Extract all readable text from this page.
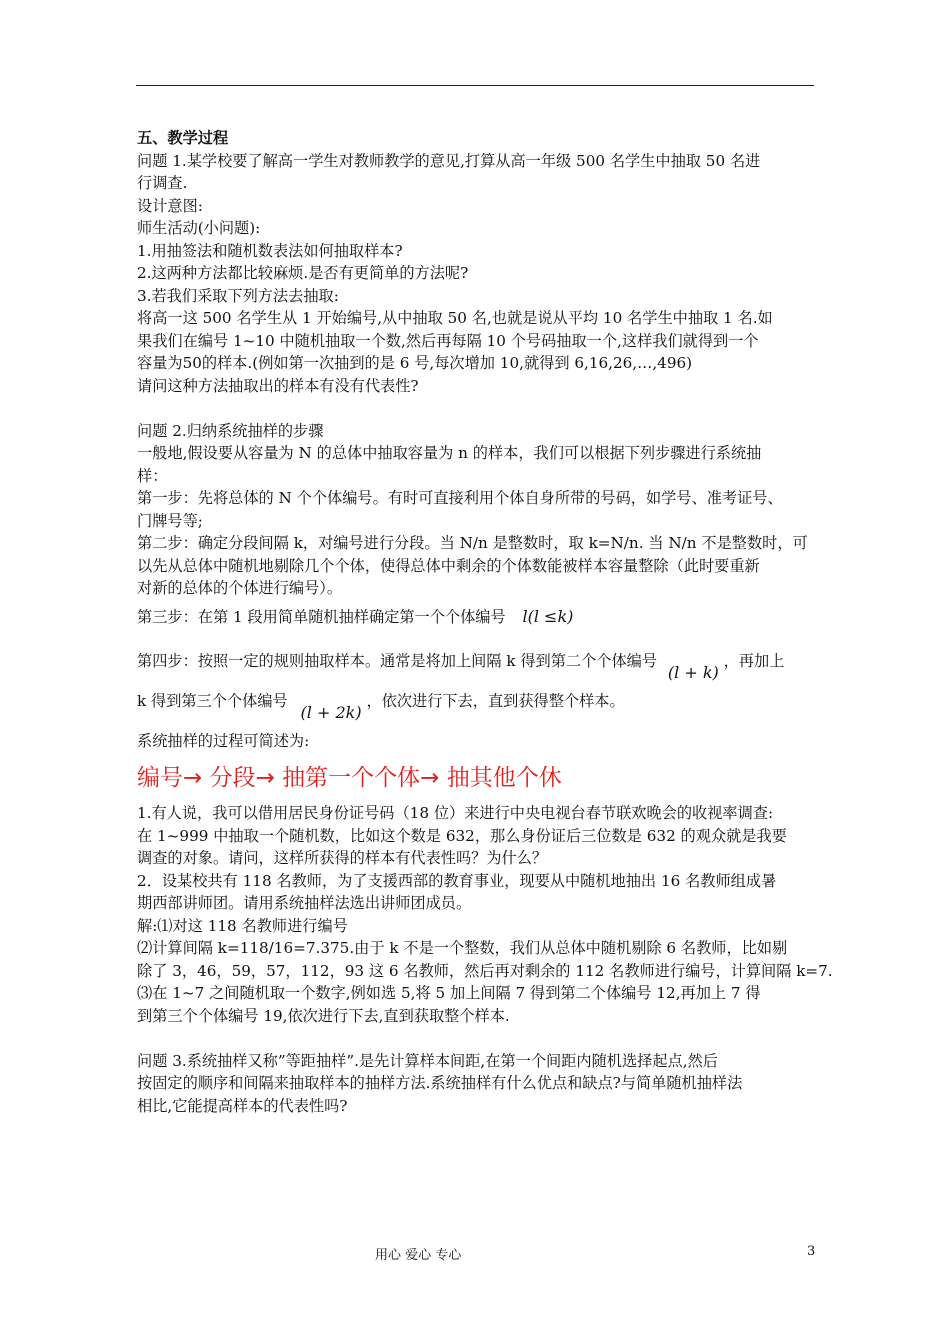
五、教学过程
问题 1.某学校要了解高一学生对教师教学的意见,打算从高一年级 500 名学生中抽取 50 名进
行调查.
设计意图:
师生活动(小问题):
1.用抽签法和随机数表法如何抽取样本?
2.这两种方法都比较麻烦.是否有更简单的方法呢?
3.若我们采取下列方法去抽取:
将高一这 500 名学生从 1 开始编号,从中抽取 50 名,也就是说从平均 10 名学生中抽取 1 名.如
果我们在编号 1~10 中随机抽取一个数,然后再每隔 10 个号码抽取一个,这样我们就得到一个
容量为50的样本.(例如第一次抽到的是 6 号,每次增加 10,就得到 6,16,26,…,496)
请问这种方法抽取出的样本有没有代表性?
问题 2.归纳系统抽样的步骤
一般地,假设要从容量为 N 的总体中抽取容量为 n 的样本，我们可以根据下列步骤进行系统抽
样：
第一步：先将总体的 N 个个体编号。有时可直接利用个体自身所带的号码，如学号、准考证号、
门牌号等;
第二步：确定分段间隔 k，对编号进行分段。当 N/n 是整数时，取 k=N/n. 当 N/n 不是整数时，可
以先从总体中随机地剔除几个个体，使得总体中剩余的个体数能被样本容量整除（此时要重新
对新的总体的个体进行编号）。
第三步：在第 1 段用简单随机抽样确定第一个个体编号 l(l ≤k)
第四步：按照一定的规则抽取样本。通常是将加上间隔 k 得到第二个个体编号 (l + k) ，再加上
k 得到第三个个体编号 (l + 2k) ，依次进行下去，直到获得整个样本。
系统抽样的过程可简述为:
编号→ 分段→ 抽第一个个体→ 抽其他个休
1.有人说，我可以借用居民身份证号码（18 位）来进行中央电视台春节联欢晚会的收视率调查:
在 1~999 中抽取一个随机数，比如这个数是 632，那么身份证后三位数是 632 的观众就是我要
调查的对象。请问，这样所获得的样本有代表性吗？为什么？
2．设某校共有 118 名教师，为了支援西部的教育事业，现要从中随机地抽出 16 名教师组成暑
期西部讲师团。请用系统抽样法选出讲师团成员。
解:⑴对这 118 名教师进行编号
⑵计算间隔 k=118/16=7.375.由于 k 不是一个整数，我们从总体中随机剔除 6 名教师，比如剔
除了 3，46，59，57，112，93 这 6 名教师，然后再对剩余的 112 名教师进行编号，计算间隔 k=7.
⑶在 1~7 之间随机取一个数字,例如选 5,将 5 加上间隔 7 得到第二个体编号 12,再加上 7 得
到第三个个体编号 19,依次进行下去,直到获取整个样本.
问题 3.系统抽样又称”等距抽样”.是先计算样本间距,在第一个间距内随机选择起点,然后
按固定的顺序和间隔来抽取样本的抽样方法.系统抽样有什么优点和缺点?与简单随机抽样法
相比,它能提高样本的代表性吗?
用心 爱心 专心	3
